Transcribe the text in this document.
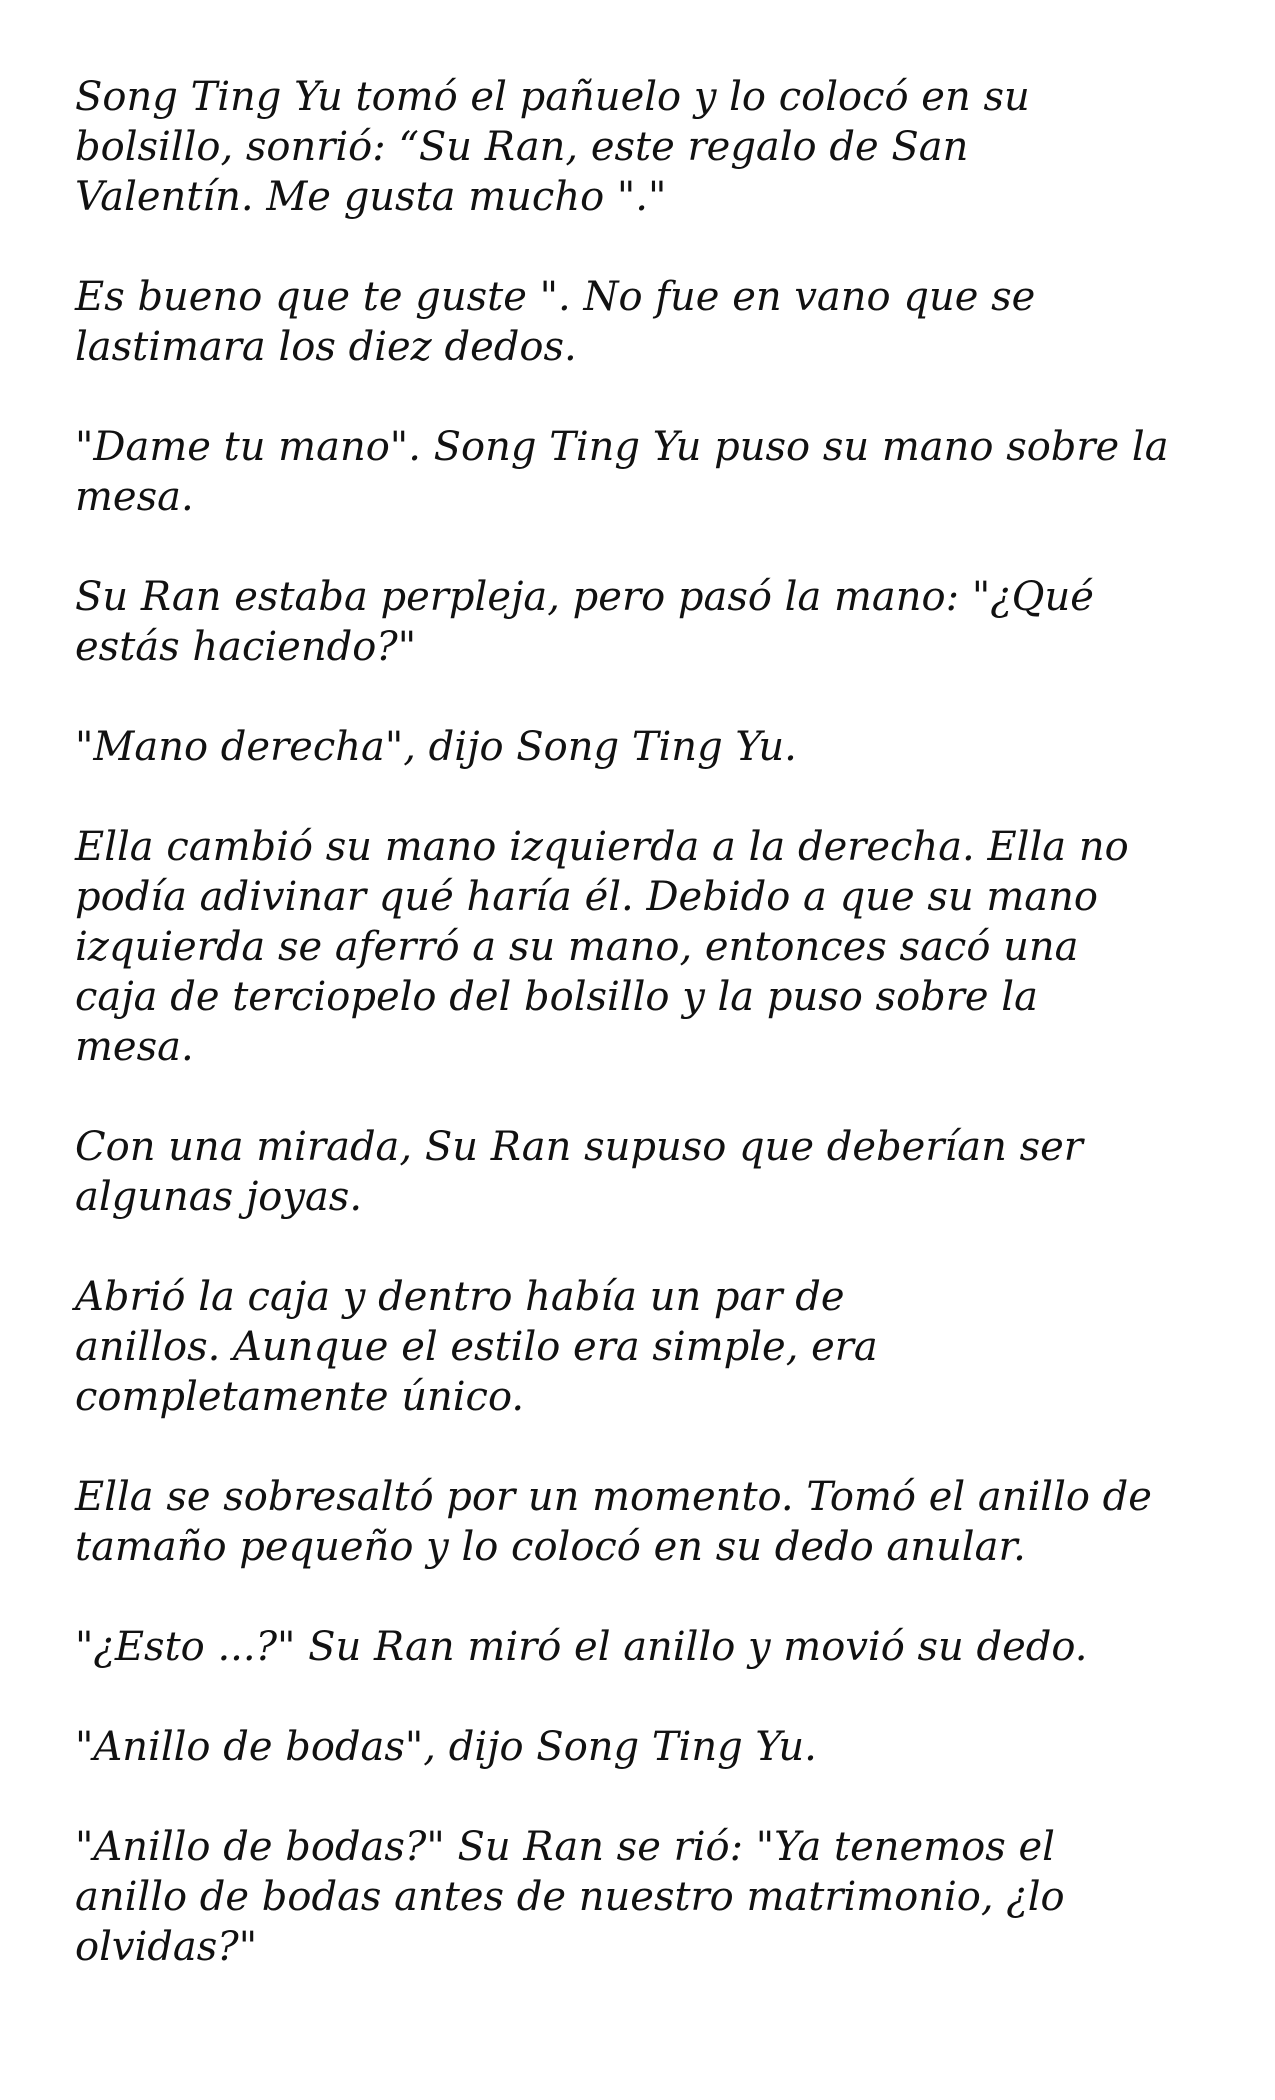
Song Ting Yu tomó el pañuelo y lo colocó en su
bolsillo, sonrió: “Su Ran, este regalo de San
Valentín. Me gusta mucho "."

Es bueno que te guste ". No fue en vano que se
lastimara los diez dedos.

"Dame tu mano". Song Ting Yu puso su mano sobre la
mesa.

Su Ran estaba perpleja, pero pasó la mano: "¿Qué
estás haciendo?"

"Mano derecha", dijo Song Ting Yu.

Ella cambió su mano izquierda a la derecha. Ella no
podía adivinar qué haría él. Debido a que su mano
izquierda se aferró a su mano, entonces sacó una
caja de terciopelo del bolsillo y la puso sobre la
mesa.

Con una mirada, Su Ran supuso que deberían ser
algunas joyas.

Abrió la caja y dentro había un par de
anillos. Aunque el estilo era simple, era
completamente único.

Ella se sobresaltó por un momento. Tomó el anillo de
tamaño pequeño y lo colocó en su dedo anular.

"¿Esto ...?" Su Ran miró el anillo y movió su dedo.

"Anillo de bodas", dijo Song Ting Yu.

"Anillo de bodas?" Su Ran se rió: "Ya tenemos el
anillo de bodas antes de nuestro matrimonio, ¿lo
olvidas?"
